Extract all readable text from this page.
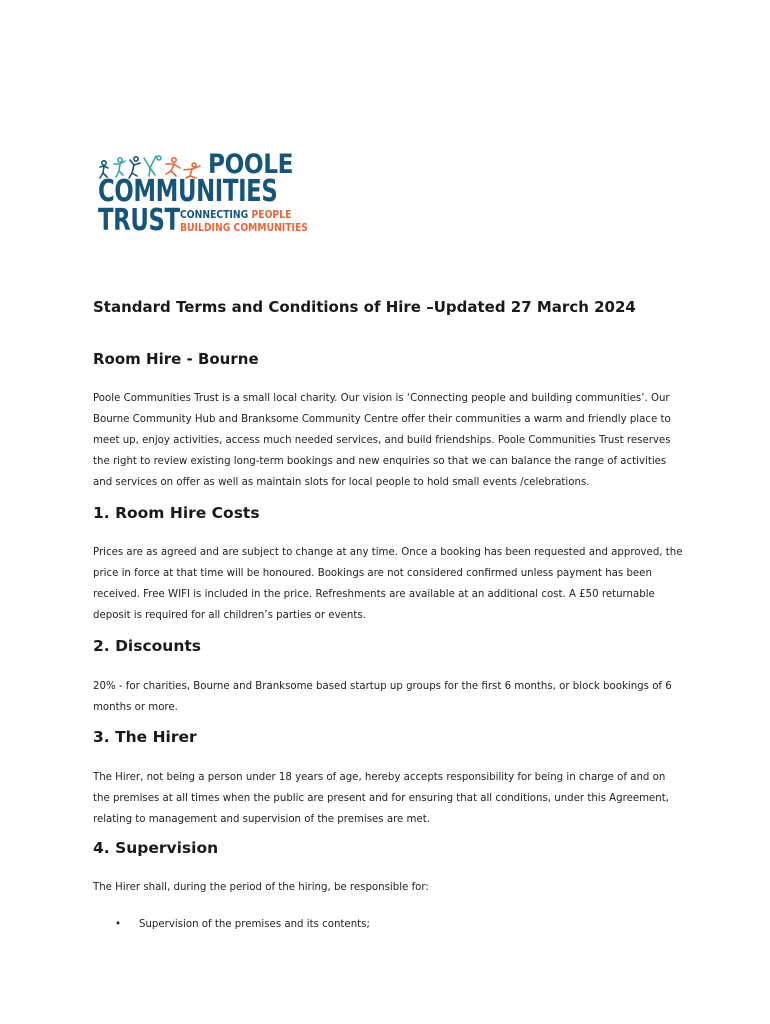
POOLE
COMMUNITIES
TRUST CONNECTING PEOPLE
BUILDING COMMUNITIES
Standard Terms and Conditions of Hire –Updated 27 March 2024
Room Hire - Bourne

Poole Communities Trust is a small local charity. Our vision is ‘Connecting people and building communities’. Our Bourne Community Hub and Branksome Community Centre offer their communities a warm and friendly place to meet up, enjoy activities, access much needed services, and build friendships. Poole Communities Trust reserves the right to review existing long-term bookings and new enquiries so that we can balance the range of activities and services on offer as well as maintain slots for local people to hold small events /celebrations.

1. Room Hire Costs

Prices are as agreed and are subject to change at any time. Once a booking has been requested and approved, the price in force at that time will be honoured. Bookings are not considered confirmed unless payment has been received. Free WIFI is included in the price. Refreshments are available at an additional cost. A £50 returnable deposit is required for all children’s parties or events.

2. Discounts

20% - for charities, Bourne and Branksome based startup up groups for the first 6 months, or block bookings of 6 months or more.

3. The Hirer

The Hirer, not being a person under 18 years of age, hereby accepts responsibility for being in charge of and on the premises at all times when the public are present and for ensuring that all conditions, under this Agreement, relating to management and supervision of the premises are met.

4. Supervision

The Hirer shall, during the period of the hiring, be responsible for:

• Supervision of the premises and its contents;
